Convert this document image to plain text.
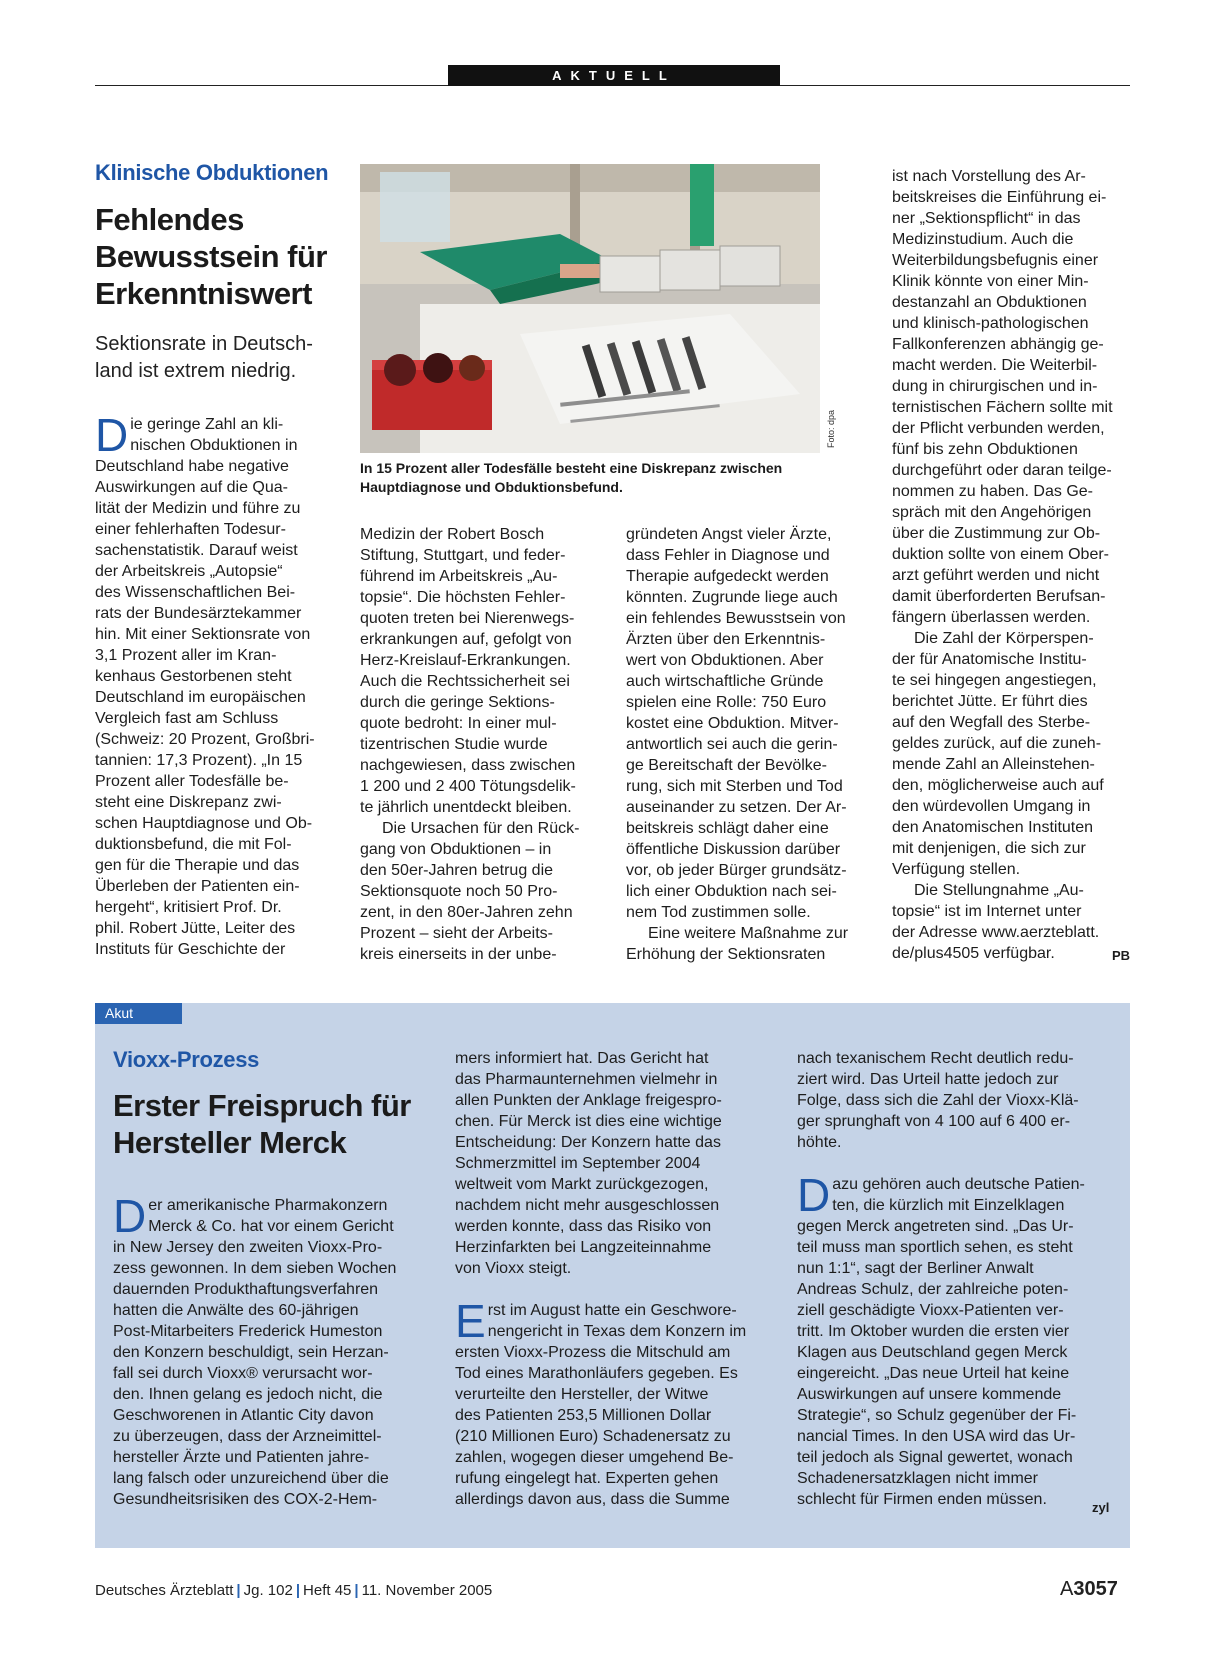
AKTUELL
Klinische Obduktionen
Fehlendes
Bewusstsein für
Erkenntniswert
Sektionsrate in Deutsch-
land ist extrem niedrig.

Die geringe Zahl an kli-
nischen Obduktionen in
Deutschland habe negative
Auswirkungen auf die Qua-
lität der Medizin und führe zu
einer fehlerhaften Todesur-
sachenstatistik. Darauf weist
der Arbeitskreis „Autopsie“
des Wissenschaftlichen Bei-
rats der Bundesärztekammer
hin. Mit einer Sektionsrate von
3,1 Prozent aller im Kran-
kenhaus Gestorbenen steht
Deutschland im europäischen
Vergleich fast am Schluss
(Schweiz: 20 Prozent, Großbri-
tannien: 17,3 Prozent). „In 15
Prozent aller Todesfälle be-
steht eine Diskrepanz zwi-
schen Hauptdiagnose und Ob-
duktionsbefund, die mit Fol-
gen für die Therapie und das
Überleben der Patienten ein-
hergeht“, kritisiert Prof. Dr.
phil. Robert Jütte, Leiter des
Instituts für Geschichte der

Foto: dpa
In 15 Prozent aller Todesfälle besteht eine Diskrepanz zwischen Hauptdiagnose und Obduktionsbefund.

Medizin der Robert Bosch
Stiftung, Stuttgart, und feder-
führend im Arbeitskreis „Au-
topsie“. Die höchsten Fehler-
quoten treten bei Nierenwegs-
erkrankungen auf, gefolgt von
Herz-Kreislauf-Erkrankungen.
Auch die Rechtssicherheit sei
durch die geringe Sektions-
quote bedroht: In einer mul-
tizentrischen Studie wurde
nachgewiesen, dass zwischen
1 200 und 2 400 Tötungsdelik-
te jährlich unentdeckt bleiben.

Die Ursachen für den Rück-
gang von Obduktionen – in
den 50er-Jahren betrug die
Sektionsquote noch 50 Pro-
zent, in den 80er-Jahren zehn
Prozent – sieht der Arbeits-
kreis einerseits in der unbe-

gründeten Angst vieler Ärzte,
dass Fehler in Diagnose und
Therapie aufgedeckt werden
könnten. Zugrunde liege auch
ein fehlendes Bewusstsein von
Ärzten über den Erkenntnis-
wert von Obduktionen. Aber
auch wirtschaftliche Gründe
spielen eine Rolle: 750 Euro
kostet eine Obduktion. Mitver-
antwortlich sei auch die gerin-
ge Bereitschaft der Bevölke-
rung, sich mit Sterben und Tod
auseinander zu setzen. Der Ar-
beitskreis schlägt daher eine
öffentliche Diskussion darüber
vor, ob jeder Bürger grundsätz-
lich einer Obduktion nach sei-
nem Tod zustimmen solle.

Eine weitere Maßnahme zur
Erhöhung der Sektionsraten

ist nach Vorstellung des Ar-
beitskreises die Einführung ei-
ner „Sektionspflicht“ in das
Medizinstudium. Auch die
Weiterbildungsbefugnis einer
Klinik könnte von einer Min-
destanzahl an Obduktionen
und klinisch-pathologischen
Fallkonferenzen abhängig ge-
macht werden. Die Weiterbil-
dung in chirurgischen und in-
ternistischen Fächern sollte mit
der Pflicht verbunden werden,
fünf bis zehn Obduktionen
durchgeführt oder daran teilge-
nommen zu haben. Das Ge-
spräch mit den Angehörigen
über die Zustimmung zur Ob-
duktion sollte von einem Ober-
arzt geführt werden und nicht
damit überforderten Berufsan-
fängern überlassen werden.

Die Zahl der Körperspen-
der für Anatomische Institu-
te sei hingegen angestiegen,
berichtet Jütte. Er führt dies
auf den Wegfall des Sterbe-
geldes zurück, auf die zuneh-
mende Zahl an Alleinstehen-
den, möglicherweise auch auf
den würdevollen Umgang in
den Anatomischen Instituten
mit denjenigen, die sich zur
Verfügung stellen.

Die Stellungnahme „Au-
topsie“ ist im Internet unter
der Adresse www.aerzteblatt.
de/plus4505 verfügbar.	PB
Akut
Vioxx-Prozess
Erster Freispruch für
Hersteller Merck

Der amerikanische Pharmakonzern
Merck & Co. hat vor einem Gericht
in New Jersey den zweiten Vioxx-Pro-
zess gewonnen. In dem sieben Wochen
dauernden Produkthaftungsverfahren
hatten die Anwälte des 60-jährigen
Post-Mitarbeiters Frederick Humeston
den Konzern beschuldigt, sein Herzan-
fall sei durch Vioxx® verursacht wor-
den. Ihnen gelang es jedoch nicht, die
Geschworenen in Atlantic City davon
zu überzeugen, dass der Arzneimittel-
hersteller Ärzte und Patienten jahre-
lang falsch oder unzureichend über die
Gesundheitsrisiken des COX-2-Hem-

mers informiert hat. Das Gericht hat
das Pharmaunternehmen vielmehr in
allen Punkten der Anklage freigespro-
chen. Für Merck ist dies eine wichtige
Entscheidung: Der Konzern hatte das
Schmerzmittel im September 2004
weltweit vom Markt zurückgezogen,
nachdem nicht mehr ausgeschlossen
werden konnte, dass das Risiko von
Herzinfarkten bei Langzeiteinnahme
von Vioxx steigt.

Erst im August hatte ein Geschwore-
nengericht in Texas dem Konzern im
ersten Vioxx-Prozess die Mitschuld am
Tod eines Marathonläufers gegeben. Es
verurteilte den Hersteller, der Witwe
des Patienten 253,5 Millionen Dollar
(210 Millionen Euro) Schadenersatz zu
zahlen, wogegen dieser umgehend Be-
rufung eingelegt hat. Experten gehen
allerdings davon aus, dass die Summe

nach texanischem Recht deutlich redu-
ziert wird. Das Urteil hatte jedoch zur
Folge, dass sich die Zahl der Vioxx-Klä-
ger sprunghaft von 4 100 auf 6 400 er-
höhte.

Dazu gehören auch deutsche Patien-
ten, die kürzlich mit Einzelklagen
gegen Merck angetreten sind. „Das Ur-
teil muss man sportlich sehen, es steht
nun 1:1“, sagt der Berliner Anwalt
Andreas Schulz, der zahlreiche poten-
ziell geschädigte Vioxx-Patienten ver-
tritt. Im Oktober wurden die ersten vier
Klagen aus Deutschland gegen Merck
eingereicht. „Das neue Urteil hat keine
Auswirkungen auf unsere kommende
Strategie“, so Schulz gegenüber der Fi-
nancial Times. In den USA wird das Ur-
teil jedoch als Signal gewertet, wonach
Schadenersatzklagen nicht immer
schlecht für Firmen enden müssen.	zyl
Deutsches Ärzteblatt | Jg. 102 | Heft 45 | 11. November 2005	A3057
